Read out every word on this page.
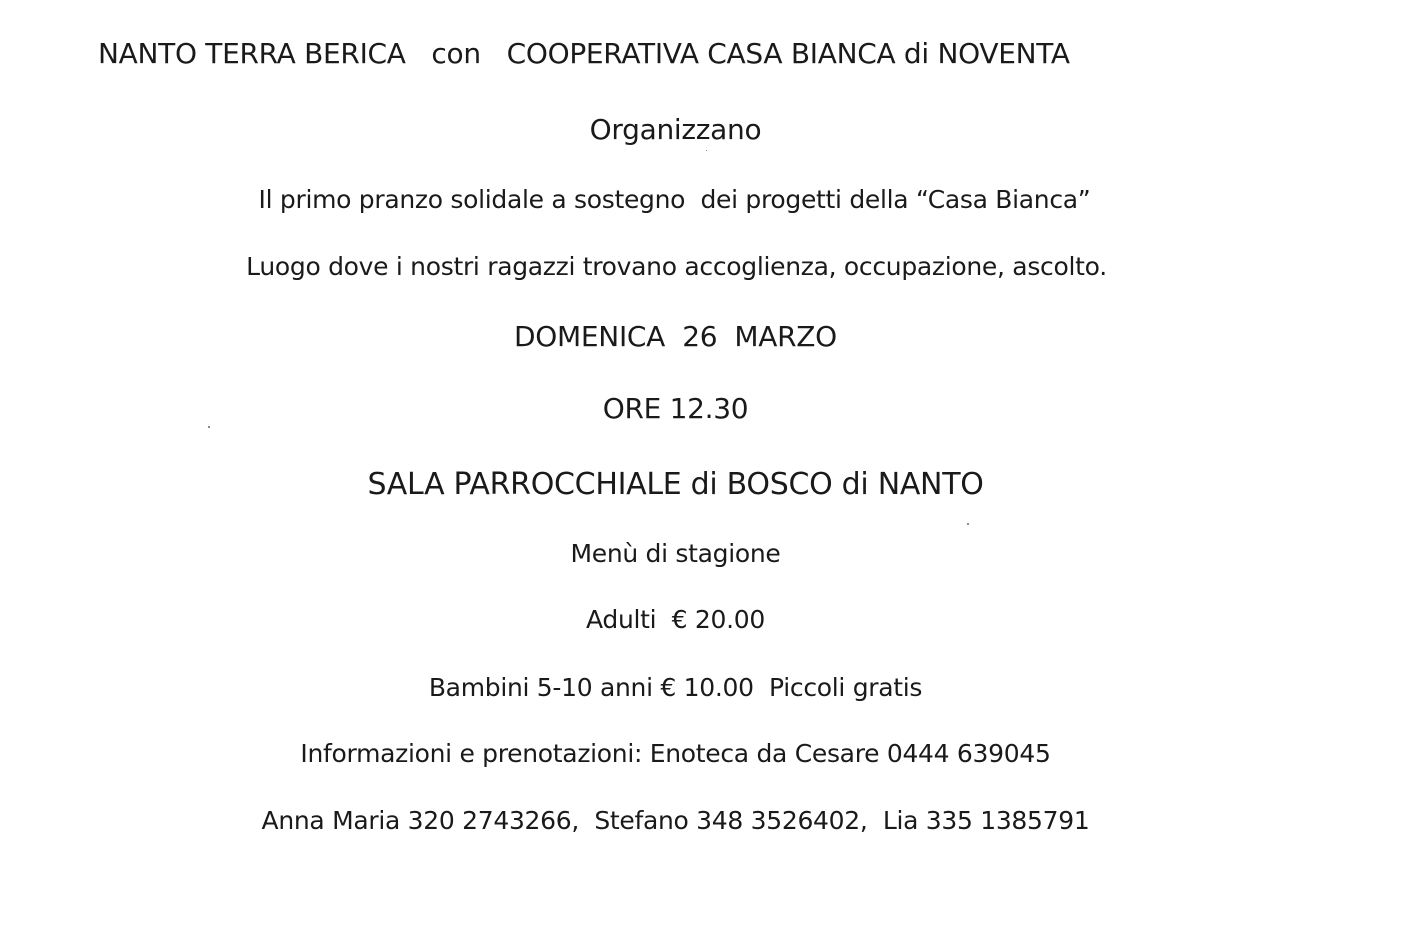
NANTO TERRA BERICA   con   COOPERATIVA CASA BIANCA di NOVENTA
Organizzano
Il primo pranzo solidale a sostegno  dei progetti della “Casa Bianca”
Luogo dove i nostri ragazzi trovano accoglienza, occupazione, ascolto.
DOMENICA  26  MARZO
ORE 12.30
SALA PARROCCHIALE di BOSCO di NANTO
Menù di stagione
Adulti  € 20.00
Bambini 5-10 anni € 10.00  Piccoli gratis
Informazioni e prenotazioni: Enoteca da Cesare 0444 639045
Anna Maria 320 2743266,  Stefano 348 3526402,  Lia 335 1385791
